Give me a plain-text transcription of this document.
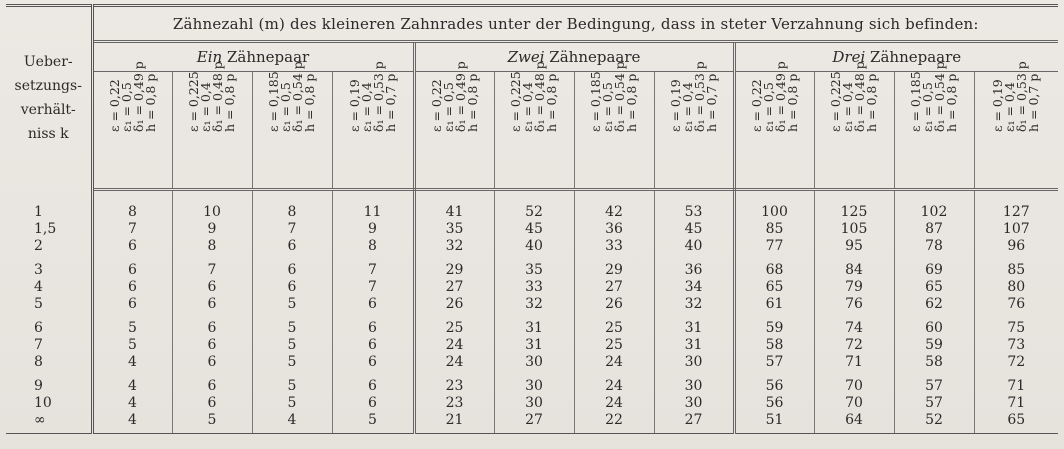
Ueber-
setzungs-
verhält-
niss k	Zähnezahl (m) des kleineren Zahnrades unter der Bedingung, dass in steter Verzahnung sich befinden:											
	Ein Zähnepaar				Zwei Zähnepaare				Drei Zähnepaare			

	ε = 0,22
ε₁ = 0,5
δ₁ = 0,49 p
h = 0,8 p	ε = 0,225
ε₁ = 0,4
δ₁ = 0,48 p
h = 0,8 p	ε = 0,185
ε₁ = 0,5
δ₁ = 0,54 p
h = 0,8 p	ε = 0,19
ε₁ = 0,4
δ₁ = 0,53 p
h = 0,7 p	ε = 0,22
ε₁ = 0,5
δ₁ = 0,49 p
h = 0,8 p	ε = 0,225
ε₁ = 0,4
δ₁ = 0,48 p
h = 0,8 p	ε = 0,185
ε₁ = 0,5
δ₁ = 0,54 p
h = 0,8 p	ε = 0,19
ε₁ = 0,4
δ₁ = 0,53 p
h = 0,7 p	ε = 0,22
ε₁ = 0,5
δ₁ = 0,49 p
h = 0,8 p	ε = 0,225
ε₁ = 0,4
δ₁ = 0,48 p
h = 0,8 p	ε = 0,185
ε₁ = 0,5
δ₁ = 0,54 p
h = 0,8 p	ε = 0,19
ε₁ = 0,4
δ₁ = 0,53 p
h = 0,7 p

1	8	10	8	11	41	52	42	53	100	125	102	127
1,5	7	9	7	9	35	45	36	45	85	105	87	107
2	6	8	6	8	32	40	33	40	77	95	78	96

3	6	7	6	7	29	35	29	36	68	84	69	85
4	6	6	6	7	27	33	27	34	65	79	65	80
5	6	6	5	6	26	32	26	32	61	76	62	76

6	5	6	5	6	25	31	25	31	59	74	60	75
7	5	6	5	6	24	31	25	31	58	72	59	73
8	4	6	5	6	24	30	24	30	57	71	58	72

9	4	6	5	6	23	30	24	30	56	70	57	71
10	4	6	5	6	23	30	24	30	56	70	57	71
∞	4	5	4	5	21	27	22	27	51	64	52	65
